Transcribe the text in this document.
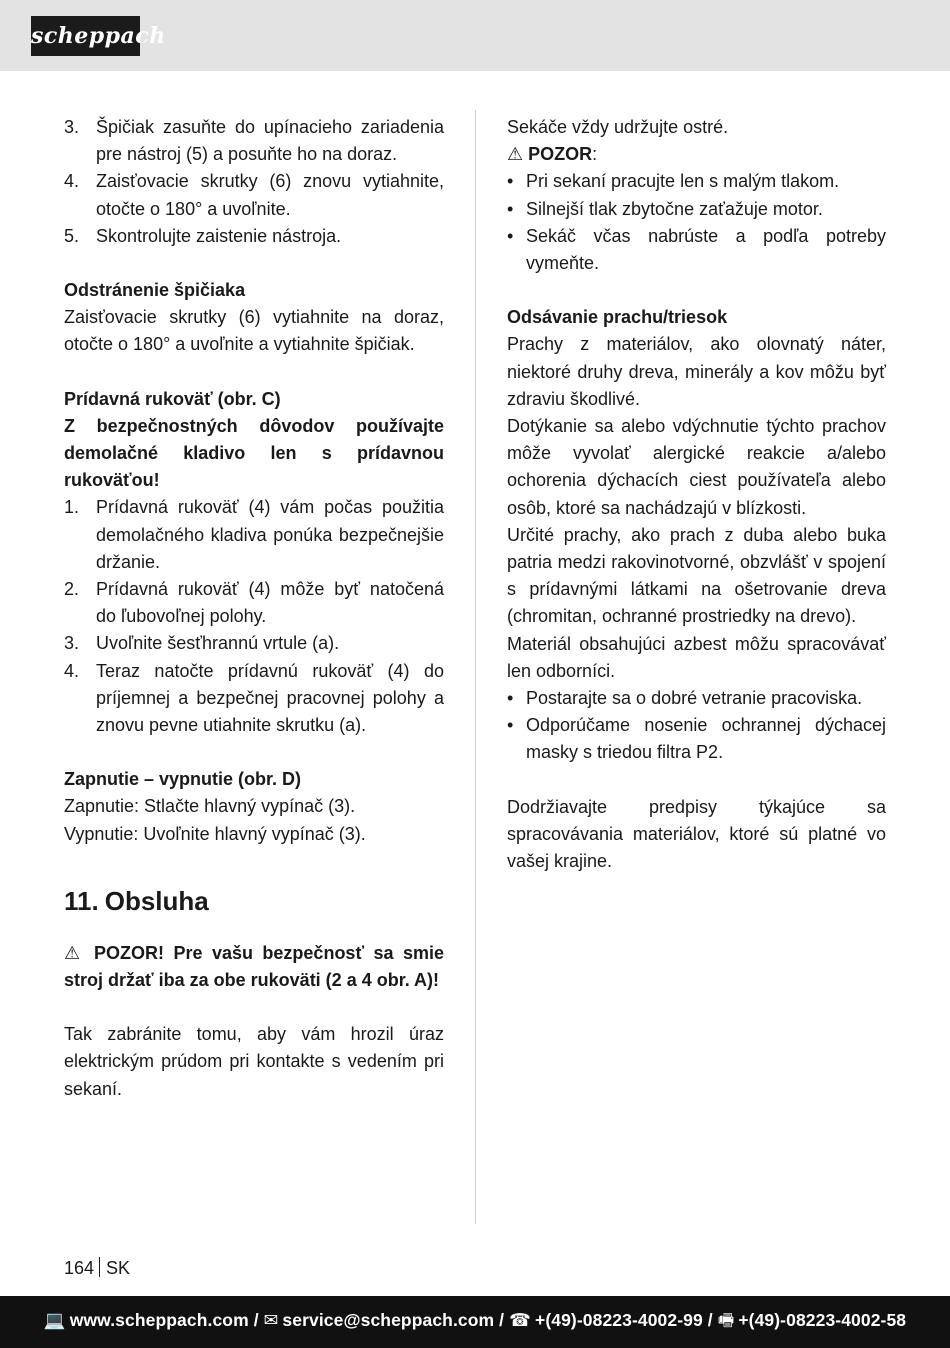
scheppach
3. Špičiak zasuňte do upínacieho zariadenia pre nástroj (5) a posuňte ho na doraz.
4. Zaisťovacie skrutky (6) znovu vytiahnite, otočte o 180° a uvoľnite.
5. Skontrolujte zaistenie nástroja.

Odstránenie špičiaka

Zaisťovacie skrutky (6) vytiahnite na doraz, otočte o 180° a uvoľnite a vytiahnite špičiak.

Prídavná rukoväť (obr. C)

Z bezpečnostných dôvodov používajte demolačné kladivo len s prídavnou rukoväťou!

1. Prídavná rukoväť (4) vám počas použitia demolačného kladiva ponúka bezpečnejšie držanie.
2. Prídavná rukoväť (4) môže byť natočená do ľubovoľnej polohy.
3. Uvoľnite šesťhrannú vrtule (a).
4. Teraz natočte prídavnú rukoväť (4) do príjemnej a bezpečnej pracovnej polohy a znovu pevne utiahnite skrutku (a).

Zapnutie – vypnutie (obr. D)

Zapnutie: Stlačte hlavný vypínač (3).

Vypnutie: Uvoľnite hlavný vypínač (3).

11. Obsluha

⚠ POZOR! Pre vašu bezpečnosť sa smie stroj držať iba za obe rukoväti (2 a 4 obr. A)!

Tak zabránite tomu, aby vám hrozil úraz elektrickým prúdom pri kontakte s vedením pri sekaní.

Sekáče vždy udržujte ostré.

⚠ POZOR:

• Pri sekaní pracujte len s malým tlakom.
• Silnejší tlak zbytočne zaťažuje motor.
• Sekáč včas nabrúste a podľa potreby vymeňte.

Odsávanie prachu/triesok

Prachy z materiálov, ako olovnatý náter, niektoré druhy dreva, minerály a kov môžu byť zdraviu škodlivé.

Dotýkanie sa alebo vdýchnutie týchto prachov môže vyvolať alergické reakcie a/alebo ochorenia dýchacích ciest používateľa alebo osôb, ktoré sa nachádzajú v blízkosti.

Určité prachy, ako prach z duba alebo buka patria medzi rakovinotvorné, obzvlášť v spojení s prídavnými látkami na ošetrovanie dreva (chromitan, ochranné prostriedky na drevo).

Materiál obsahujúci azbest môžu spracovávať len odborníci.

• Postarajte sa o dobré vetranie pracoviska.
• Odporúčame nosenie ochrannej dýchacej masky s triedou filtra P2.

Dodržiavajte predpisy týkajúce sa spracovávania materiálov, ktoré sú platné vo vašej krajine.

164 SK
💻 www.scheppach.com / ✉ service@scheppach.com / ☎ +(49)-08223-4002-99 / 🖷 +(49)-08223-4002-58
